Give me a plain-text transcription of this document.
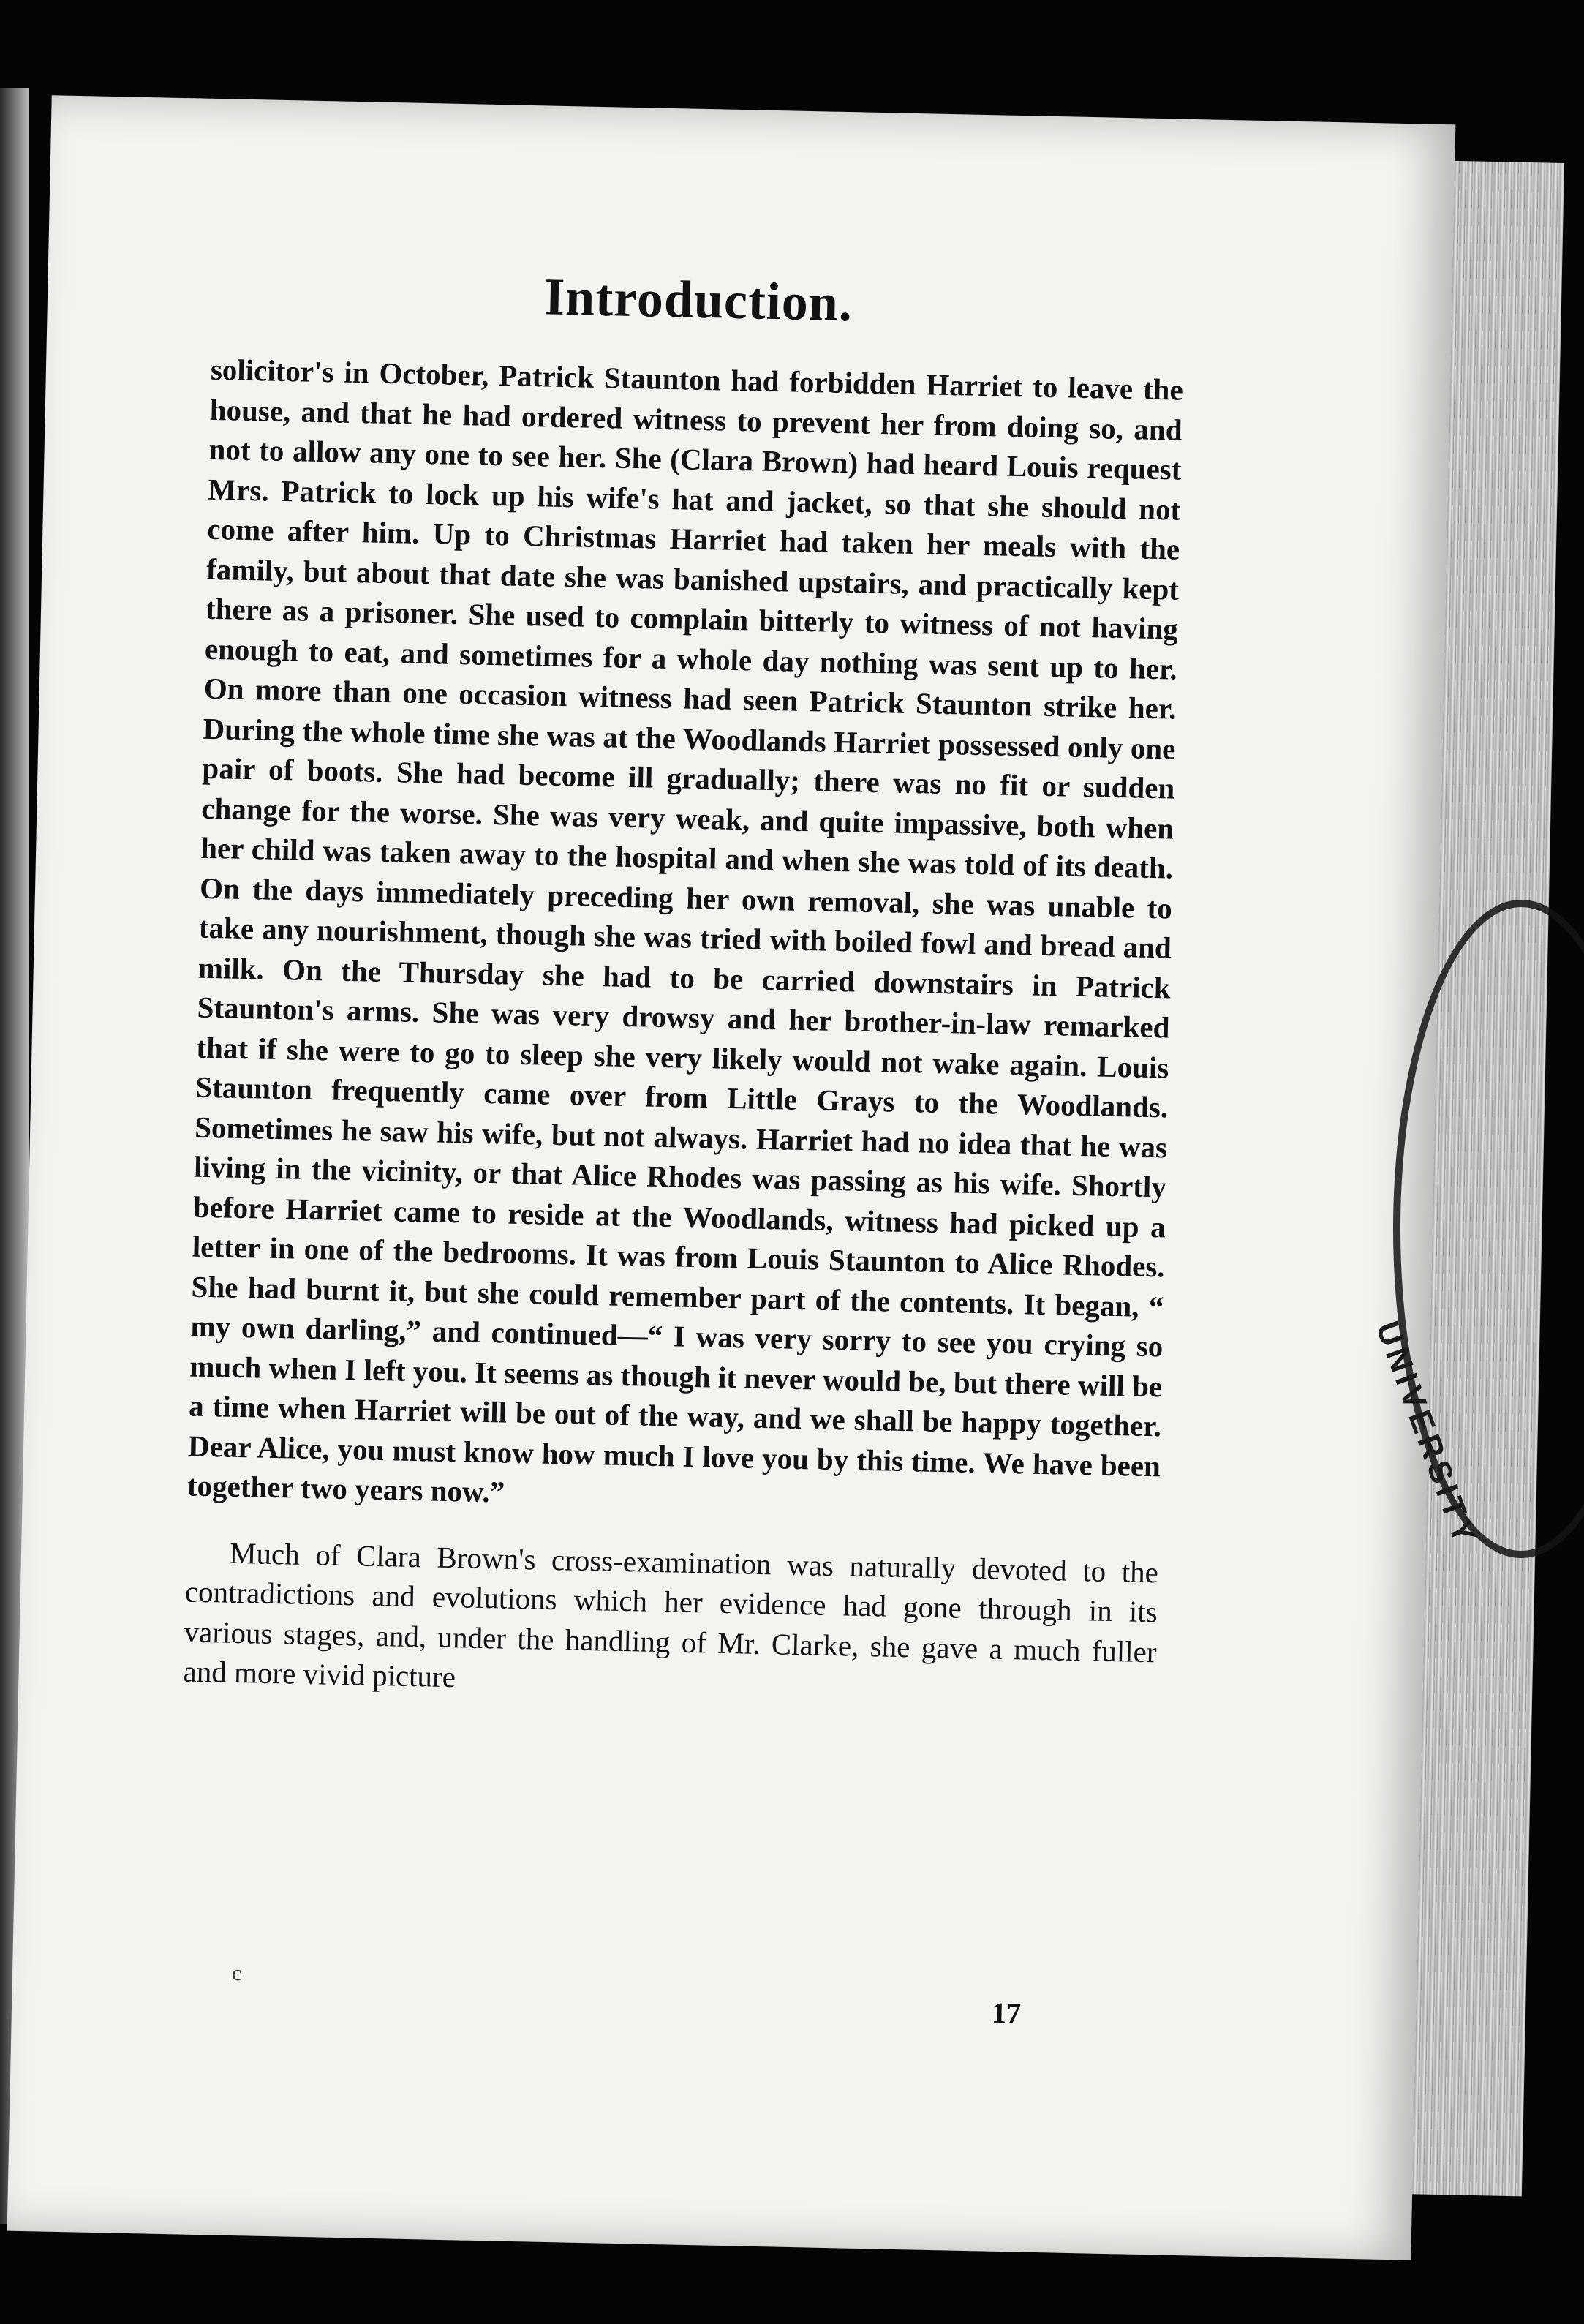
Introduction.

solicitor's in October, Patrick Staunton had forbidden Harriet to leave the house, and that he had ordered witness to prevent her from doing so, and not to allow any one to see her. She (Clara Brown) had heard Louis request Mrs. Patrick to lock up his wife's hat and jacket, so that she should not come after him. Up to Christmas Harriet had taken her meals with the family, but about that date she was banished upstairs, and practically kept there as a prisoner. She used to complain bitterly to witness of not having enough to eat, and sometimes for a whole day nothing was sent up to her. On more than one occasion witness had seen Patrick Staunton strike her. During the whole time she was at the Woodlands Harriet possessed only one pair of boots. She had become ill gradually; there was no fit or sudden change for the worse. She was very weak, and quite impassive, both when her child was taken away to the hospital and when she was told of its death. On the days immediately preceding her own removal, she was unable to take any nourishment, though she was tried with boiled fowl and bread and milk. On the Thursday she had to be carried downstairs in Patrick Staunton's arms. She was very drowsy and her brother-in-law remarked that if she were to go to sleep she very likely would not wake again. Louis Staunton frequently came over from Little Grays to the Woodlands. Sometimes he saw his wife, but not always. Harriet had no idea that he was living in the vicinity, or that Alice Rhodes was passing as his wife. Shortly before Harriet came to reside at the Woodlands, witness had picked up a letter in one of the bedrooms. It was from Louis Staunton to Alice Rhodes. She had burnt it, but she could remember part of the contents. It began, “ my own darling,” and continued—“ I was very sorry to see you crying so much when I left you. It seems as though it never would be, but there will be a time when Harriet will be out of the way, and we shall be happy together. Dear Alice, you must know how much I love you by this time. We have been together two years now.”

Much of Clara Brown's cross-examination was naturally devoted to the contradictions and evolutions which her evidence had gone through in its various stages, and, under the handling of Mr. Clarke, she gave a much fuller and more vivid picture

c
17
UNIVERSITY
